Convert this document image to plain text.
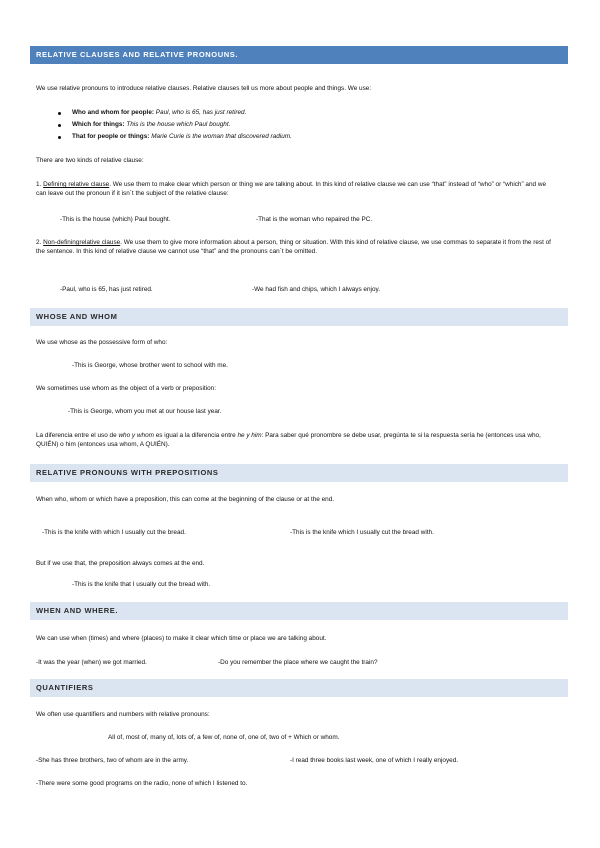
RELATIVE CLAUSES AND RELATIVE PRONOUNS.
We use relative pronouns to introduce relative clauses. Relative clauses tell us more about people and things. We use:
Who and whom for people: Paul, who is 65, has just retired.
Which for things: This is the house which Paul bought.
That for people or things: Marie Curie is the woman that discovered radium.
There are two kinds of relative clause:
1. Defining relative clause. We use them to make clear which person or thing we are talking about. In this kind of relative clause we can use “that” instead of “who” or “which” and we can leave out the pronoun if it isn´t the subject of the relative clause:
-This is the house (which) Paul bought.	-That is the woman who repaired the PC.
2. Non-definingrelative clause. We use them to give more information about a person, thing or situation. With this kind of relative clause, we use commas to separate it from the rest of the sentence. In this kind of relative clause we cannot use “that” and the pronouns can´t be omitted.
-Paul, who is 65, has just retired.	-We had fish and chips, which I always enjoy.
WHOSE AND WHOM
We use whose as the possessive form of who:
-This is George, whose brother went to school with me.
We sometimes use whom as the object of a verb or preposition:
-This is George, whom you met at our house last year.
La diferencia entre el uso de who y whom es igual a la diferencia entre he y him: Para saber qué pronombre se debe usar, pregúnta te si la respuesta sería he (entonces usa who, QUIÉN) o him (entonces usa whom, A QUIÉN).
RELATIVE PRONOUNS WITH PREPOSITIONS
When who, whom or which have a preposition, this can come at the beginning of the clause or at the end.
-This is the knife with which I usually cut the bread.	-This is the knife which I usually cut the bread with.
But if we use that, the preposition always comes at the end.
-This is the knife that I usually cut the bread with.
WHEN AND WHERE.
We can use when (times) and where (places) to make it clear which time or place we are talking about.
-It was the year (when) we got married.	-Do you remember the place where we caught the train?
QUANTIFIERS
We often use quantifiers and numbers with relative pronouns:
All of, most of, many of, lots of, a few of, none of, one of, two of + Which or whom.
-She has three brothers, two of whom are in the army.	-I read three books last week, one of which I really enjoyed.
-There were some good programs on the radio, none of which I listened to.
